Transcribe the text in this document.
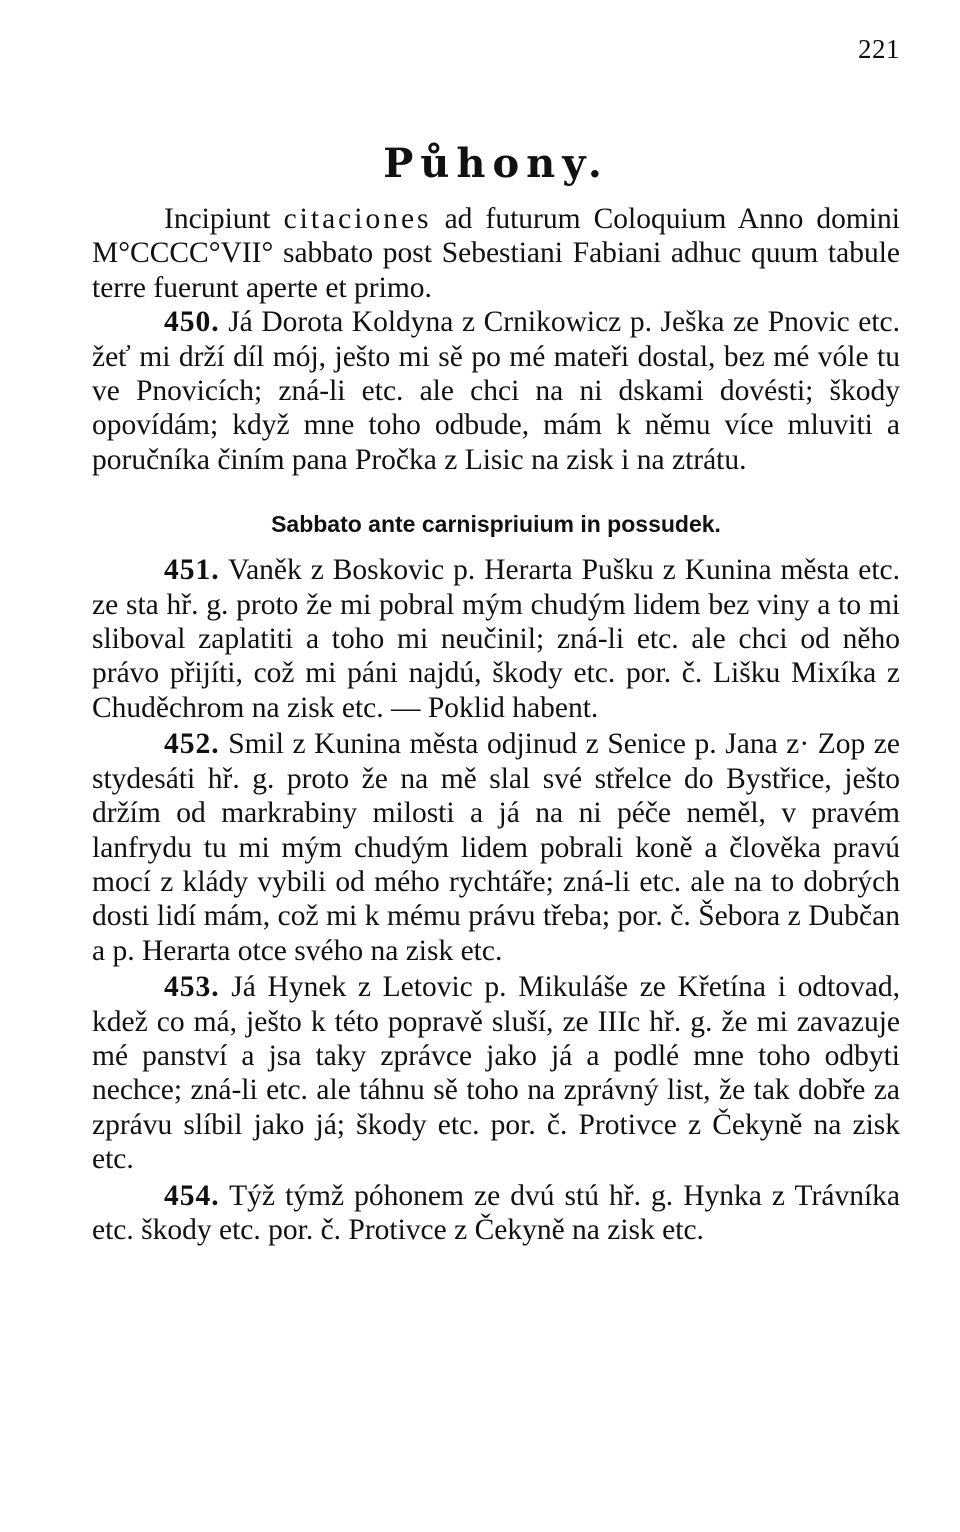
221
Půhony.

Incipiunt citaciones ad futurum Coloquium Anno domini M°CCCC°VII° sabbato post Sebestiani Fabiani adhuc quum tabule terre fuerunt aperte et primo.

450. Já Dorota Koldyna z Crnikowicz p. Ješka ze Pnovic etc. žeť mi drží díl mój, ješto mi sě po mé mateři dostal, bez mé vóle tu ve Pnovicích; zná-li etc. ale chci na ni dskami dovésti; škody opovídám; když mne toho odbude, mám k němu více mluviti a poručníka činím pana Pročka z Lisic na zisk i na ztrátu.

Sabbato ante carnispriuium in possudek.

451. Vaněk z Boskovic p. Herarta Pušku z Kunina města etc. ze sta hř. g. proto že mi pobral mým chudým lidem bez viny a to mi sliboval zaplatiti a toho mi neučinil; zná-li etc. ale chci od něho právo přijíti, což mi páni najdú, škody etc. por. č. Lišku Mixíka z Chuděchrom na zisk etc. — Poklid habent.

452. Smil z Kunina města odjinud z Senice p. Jana z· Zop ze stydesáti hř. g. proto že na mě slal své střelce do Bystřice, ješto držím od markrabiny milosti a já na ni péče neměl, v pravém lanfrydu tu mi mým chudým lidem pobrali koně a člověka pravú mocí z klády vybili od mého rychtáře; zná-li etc. ale na to dobrých dosti lidí mám, což mi k mému právu třeba; por. č. Šebora z Dubčan a p. Herarta otce svého na zisk etc.

453. Já Hynek z Letovic p. Mikuláše ze Křetína i odtovad, kdež co má, ješto k této popravě sluší, ze IIIc hř. g. že mi zavazuje mé panství a jsa taky zprávce jako já a podlé mne toho odbyti nechce; zná-li etc. ale táhnu sě toho na zprávný list, že tak dobře za zprávu slíbil jako já; škody etc. por. č. Protivce z Čekyně na zisk etc.

454. Týž týmž póhonem ze dvú stú hř. g. Hynka z Trávníka etc. škody etc. por. č. Protivce z Čekyně na zisk etc.
